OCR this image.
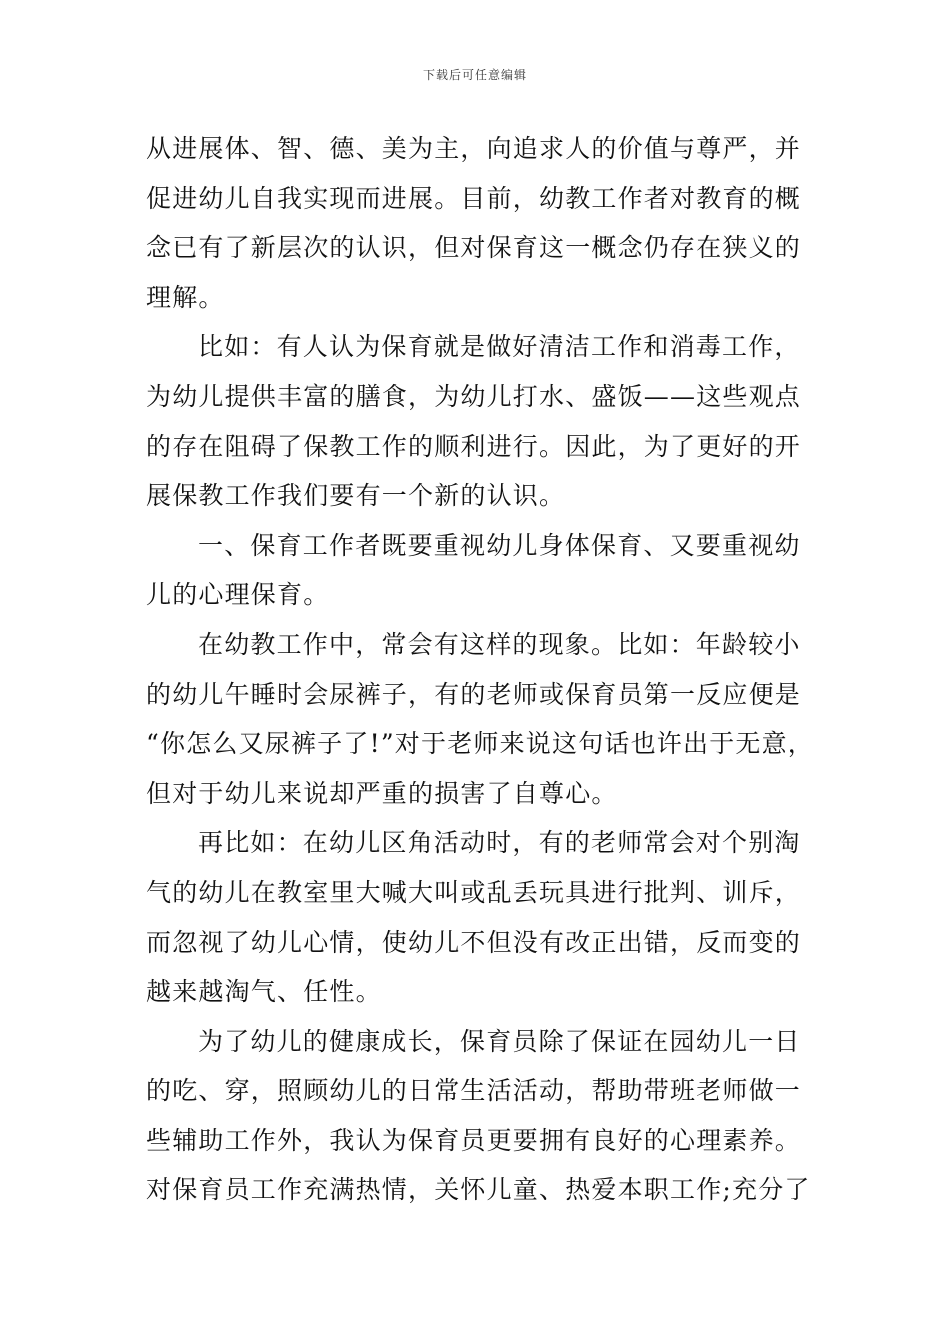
下载后可任意编辑
从进展体、智、德、美为主，向追求人的价值与尊严，并
促进幼儿自我实现而进展。目前，幼教工作者对教育的概
念已有了新层次的认识，但对保育这一概念仍存在狭义的
理解。
比如：有人认为保育就是做好清洁工作和消毒工作，
为幼儿提供丰富的膳食，为幼儿打水、盛饭——这些观点
的存在阻碍了保教工作的顺利进行。因此，为了更好的开
展保教工作我们要有一个新的认识。
一、保育工作者既要重视幼儿身体保育、又要重视幼
儿的心理保育。
在幼教工作中，常会有这样的现象。比如：年龄较小
的幼儿午睡时会尿裤子，有的老师或保育员第一反应便是
“你怎么又尿裤子了!”对于老师来说这句话也许出于无意，
但对于幼儿来说却严重的损害了自尊心。
再比如：在幼儿区角活动时，有的老师常会对个别淘
气的幼儿在教室里大喊大叫或乱丢玩具进行批判、训斥，
而忽视了幼儿心情，使幼儿不但没有改正出错，反而变的
越来越淘气、任性。
为了幼儿的健康成长，保育员除了保证在园幼儿一日
的吃、穿，照顾幼儿的日常生活活动，帮助带班老师做一
些辅助工作外，我认为保育员更要拥有良好的心理素养。
对保育员工作充满热情，关怀儿童、热爱本职工作;充分了
